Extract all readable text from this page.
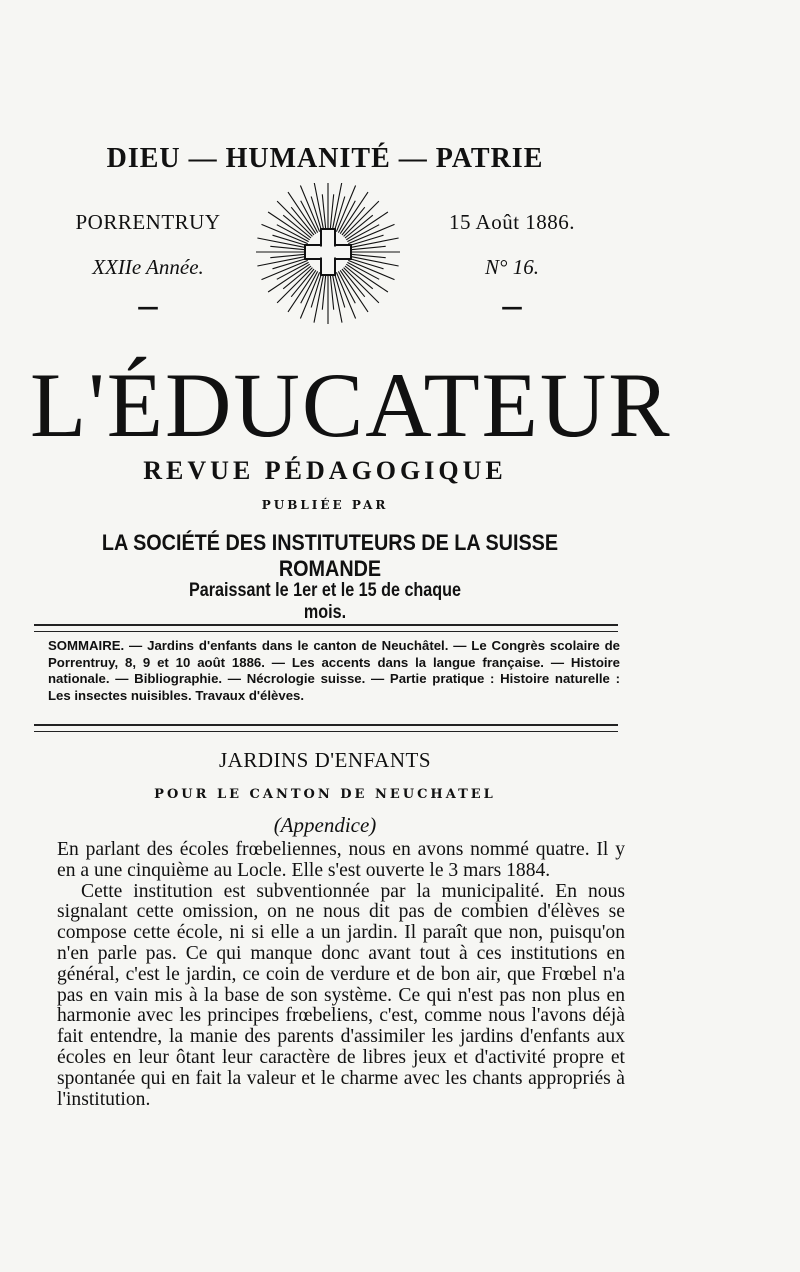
DIEU — HUMANITÉ — PATRIE
PORRENTRUY
XXIIe Année.
—
15 Août 1886.
N° 16.
—
L'ÉDUCATEUR
REVUE PÉDAGOGIQUE
PUBLIÉE PAR
LA SOCIÉTÉ DES INSTITUTEURS DE LA SUISSE ROMANDE
Paraissant le 1er et le 15 de chaque mois.
SOMMAIRE. — Jardins d'enfants dans le canton de Neuchâtel. — Le Congrès scolaire de Porrentruy, 8, 9 et 10 août 1886. — Les accents dans la langue française. — Histoire nationale. — Bibliographie. — Nécrologie suisse. — Partie pratique : Histoire naturelle : Les insectes nuisibles. Travaux d'élèves.
JARDINS D'ENFANTS
POUR LE CANTON DE NEUCHATEL
(Appendice)

En parlant des écoles frœbeliennes, nous en avons nommé quatre. Il y en a une cinquième au Locle. Elle s'est ouverte le 3 mars 1884.

Cette institution est subventionnée par la municipalité. En nous signalant cette omission, on ne nous dit pas de combien d'élèves se compose cette école, ni si elle a un jardin. Il paraît que non, puisqu'on n'en parle pas. Ce qui manque donc avant tout à ces institutions en général, c'est le jardin, ce coin de verdure et de bon air, que Frœbel n'a pas en vain mis à la base de son système. Ce qui n'est pas non plus en harmonie avec les principes frœbeliens, c'est, comme nous l'avons déjà fait entendre, la manie des parents d'assimiler les jardins d'enfants aux écoles en leur ôtant leur caractère de libres jeux et d'activité propre et spontanée qui en fait la valeur et le charme avec les chants appropriés à l'institution.
